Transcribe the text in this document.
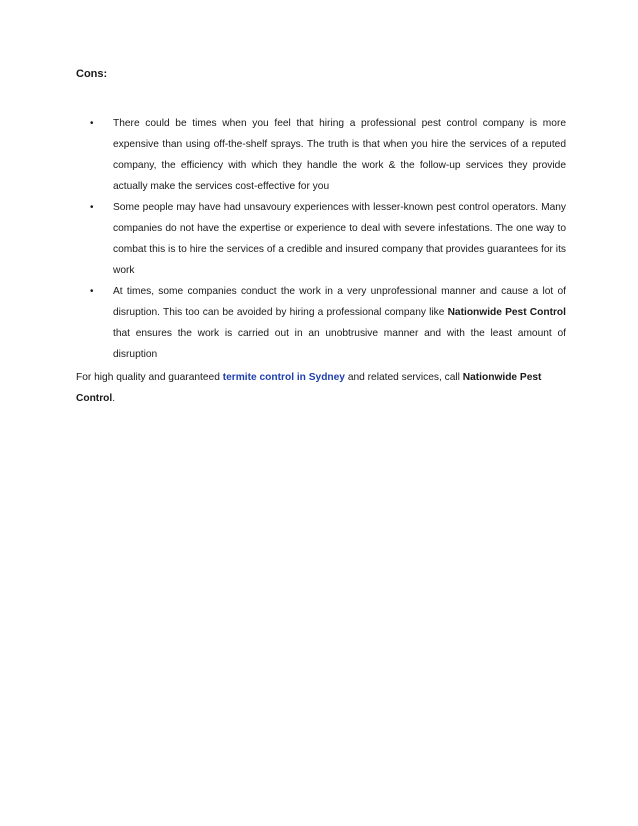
Cons:
• There could be times when you feel that hiring a professional pest control company is more expensive than using off-the-shelf sprays. The truth is that when you hire the services of a reputed company, the efficiency with which they handle the work & the follow-up services they provide actually make the services cost-effective for you
• Some people may have had unsavoury experiences with lesser-known pest control operators. Many companies do not have the expertise or experience to deal with severe infestations. The one way to combat this is to hire the services of a credible and insured company that provides guarantees for its work
• At times, some companies conduct the work in a very unprofessional manner and cause a lot of disruption. This too can be avoided by hiring a professional company like Nationwide Pest Control that ensures the work is carried out in an unobtrusive manner and with the least amount of disruption

For high quality and guaranteed termite control in Sydney and related services, call Nationwide Pest Control.
